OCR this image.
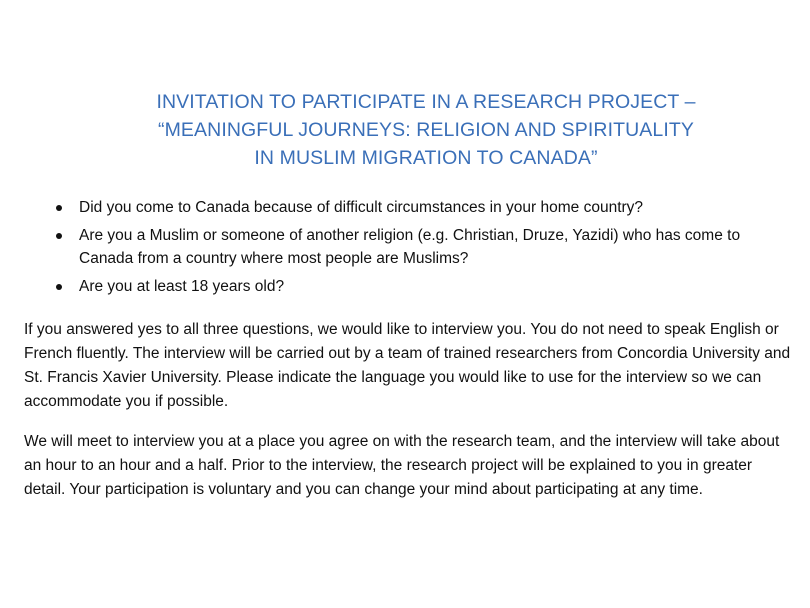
INVITATION TO PARTICIPATE IN A RESEARCH PROJECT –
“MEANINGFUL JOURNEYS: RELIGION AND SPIRITUALITY
IN MUSLIM MIGRATION TO CANADA”
Did you come to Canada because of difficult circumstances in your home country?
Are you a Muslim or someone of another religion (e.g. Christian, Druze, Yazidi) who has come to Canada from a country where most people are Muslims?
Are you at least 18 years old?

If you answered yes to all three questions, we would like to interview you. You do not need to speak English or French fluently. The interview will be carried out by a team of trained researchers from Concordia University and St. Francis Xavier University. Please indicate the language you would like to use for the interview so we can accommodate you if possible.

We will meet to interview you at a place you agree on with the research team, and the interview will take about an hour to an hour and a half. Prior to the interview, the research project will be explained to you in greater detail. Your participation is voluntary and you can change your mind about participating at any time.
